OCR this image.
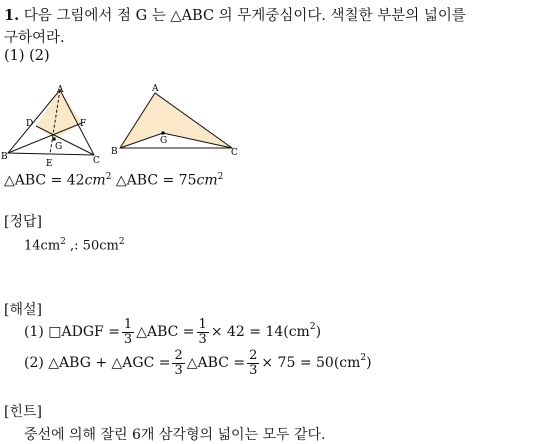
1. 다음 그림에서 점 G 는 △ABC 의 무게중심이다. 색칠한 부분의 넓이를
구하여라.
(1) (2)
A
B	C
D	F
G
E
A
B	C
G
△ABC = $42cm^2$ △ABC = $75cm^2$
[정답]
$14cm^2$ ,: $50cm^2$
[해설]
(1) □ADGF = $\frac{1}{3}$ △ABC = $\frac{1}{3} \times 42 = 14(cm$ 2 )
(2) △ABG + △AGC = $\frac{2}{3}$ △ABC = $\frac{2}{3} \times 75 = 50(cm$ 2 )
[힌트]
중선에 의해 잘린 6개 삼각형의 넓이는 모두 같다.
